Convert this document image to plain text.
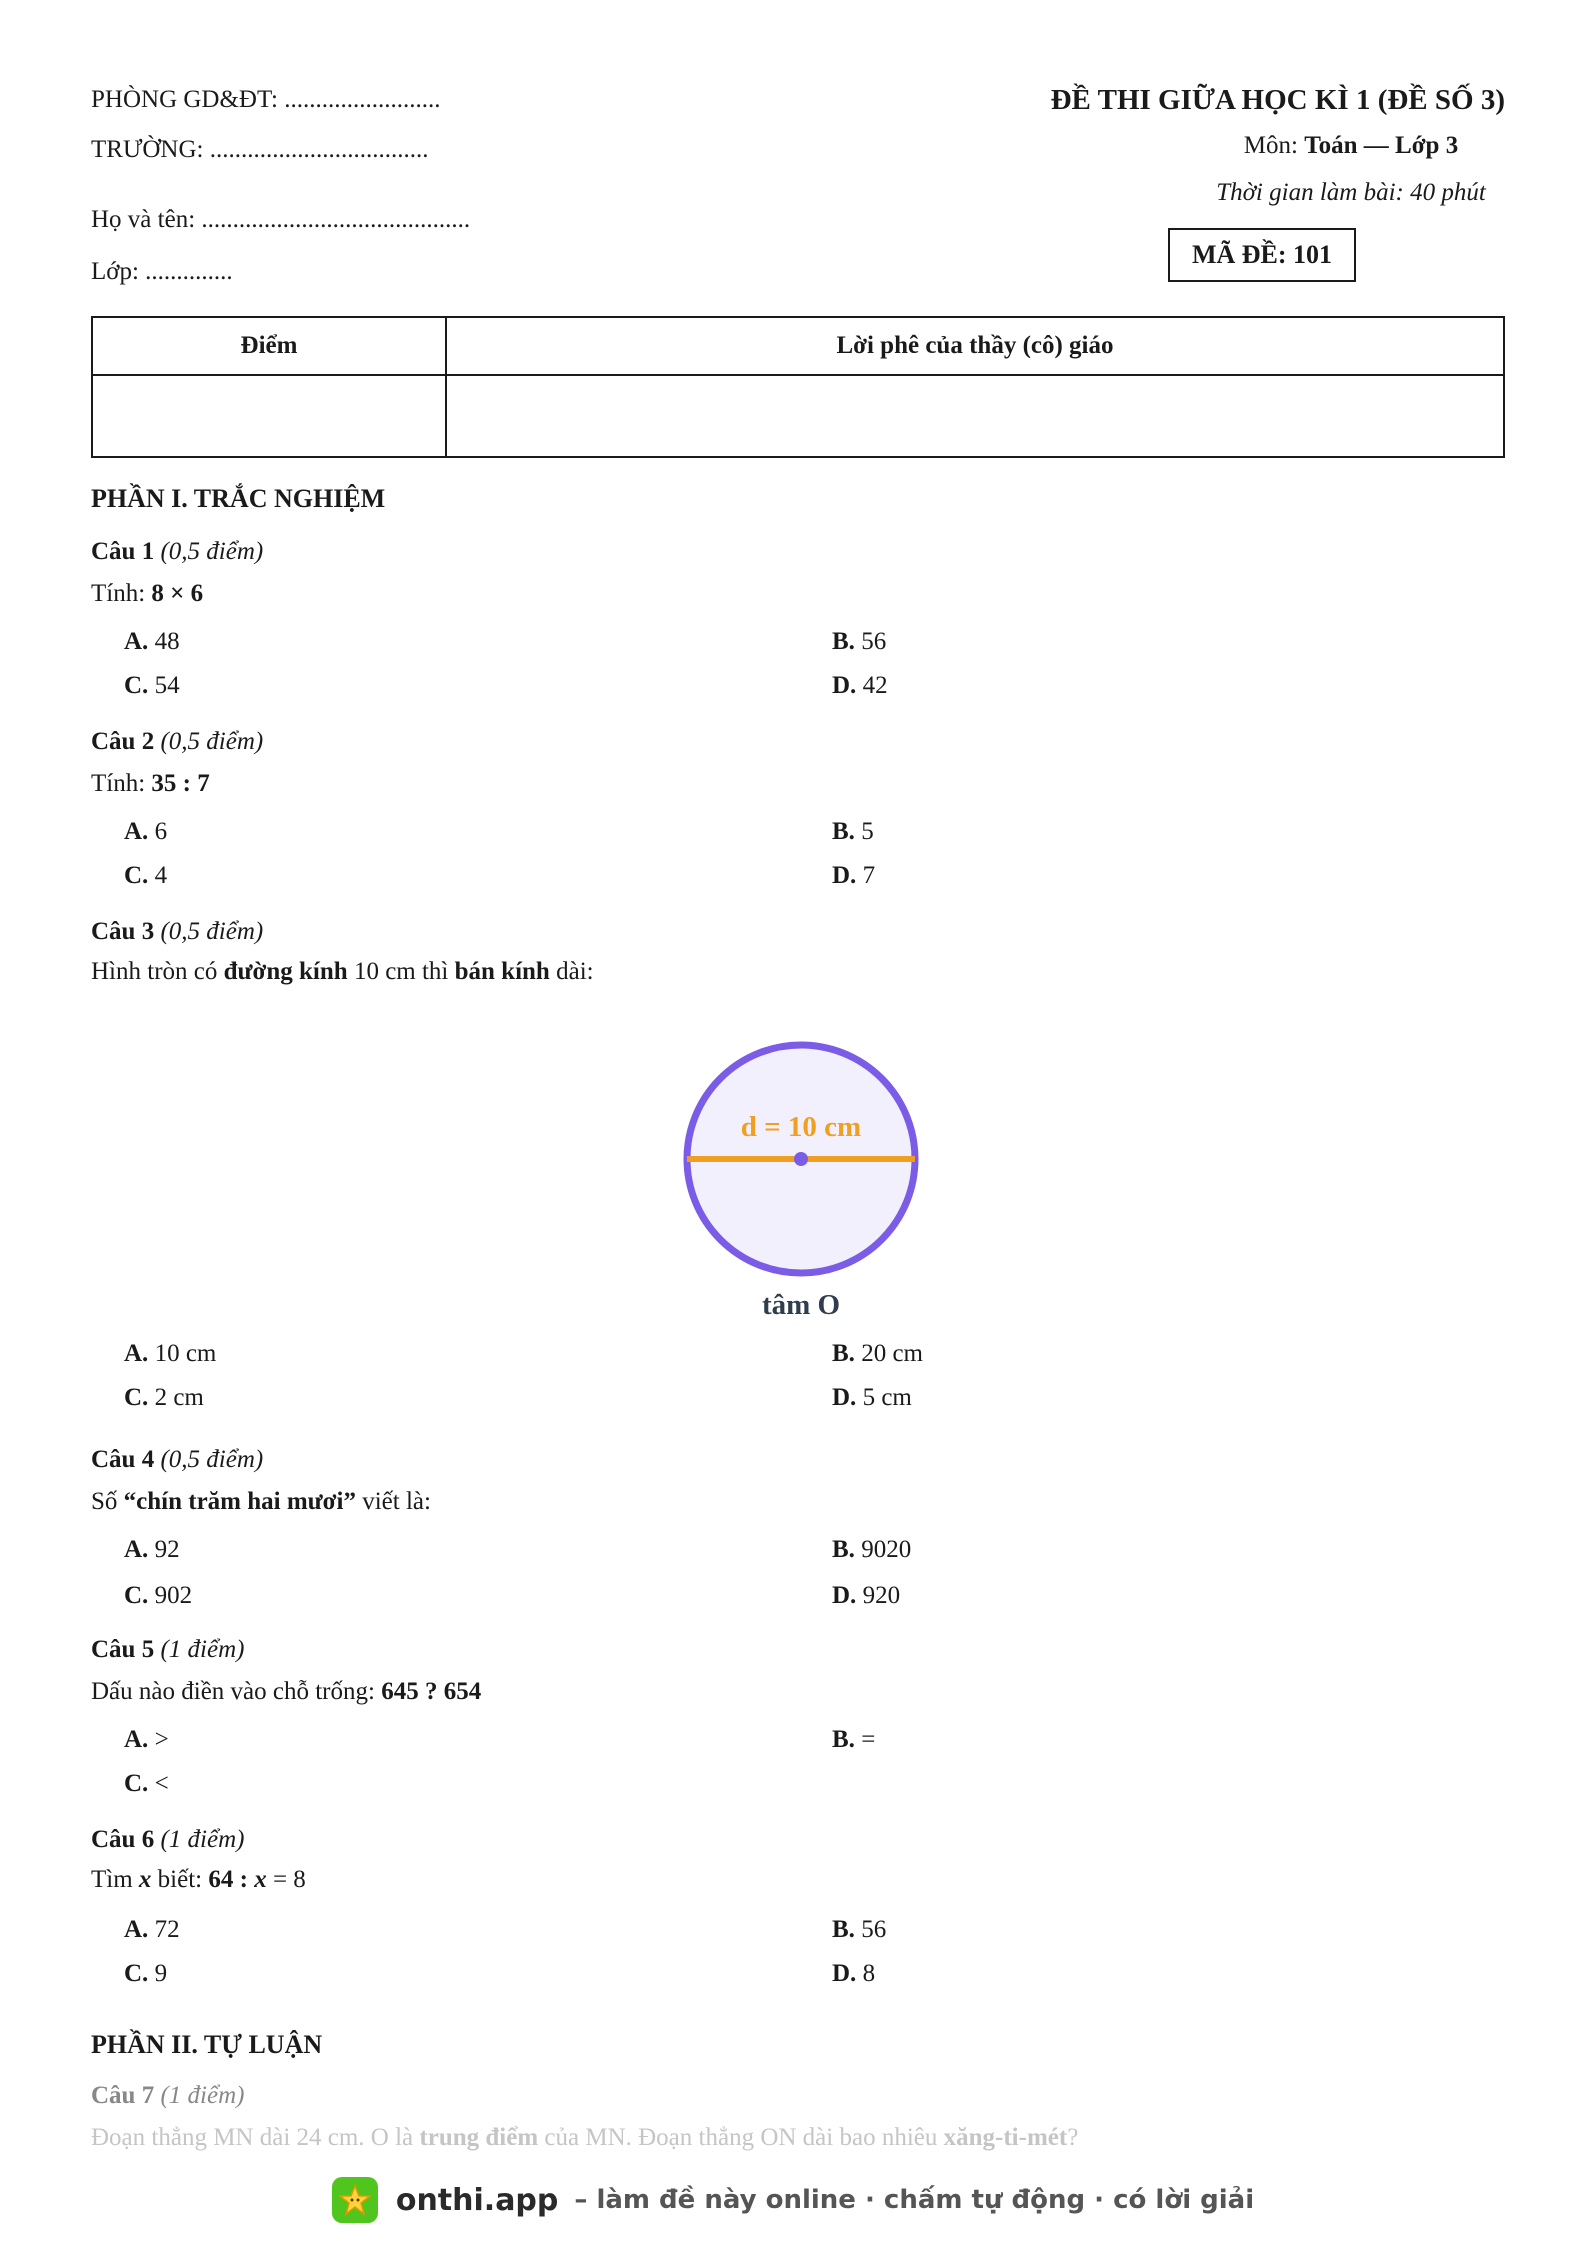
PHÒNG GD&ĐT: .........................
TRƯỜNG: ...................................
Họ và tên: ...........................................
Lớp: ..............
ĐỀ THI GIỮA HỌC KÌ 1 (ĐỀ SỐ 3)
Môn: Toán — Lớp 3
Thời gian làm bài: 40 phút
MÃ ĐỀ: 101
Điểm	Lời phê của thầy (cô) giáo

PHẦN I. TRẮC NGHIỆM
Câu 1 (0,5 điểm)
Tính: 8 × 6
A. 48	B. 56
C. 54	D. 42
Câu 2 (0,5 điểm)
Tính: 35 : 7
A. 6	B. 5
C. 4	D. 7
Câu 3 (0,5 điểm)
Hình tròn có đường kính 10 cm thì bán kính dài:
d = 10 cm
tâm O
A. 10 cm	B. 20 cm
C. 2 cm	D. 5 cm
Câu 4 (0,5 điểm)
Số “chín trăm hai mươi” viết là:
A. 92	B. 9020
C. 902	D. 920
Câu 5 (1 điểm)
Dấu nào điền vào chỗ trống: 645 ? 654
A. >	B. =
C. <
Câu 6 (1 điểm)
Tìm x biết: 64 : x = 8
A. 72	B. 56
C. 9	D. 8
PHẦN II. TỰ LUẬN
Câu 7 (1 điểm)
Đoạn thẳng MN dài 24 cm. O là trung điểm của MN. Đoạn thẳng ON dài bao nhiêu xăng-ti-mét?
onthi.app – làm đề này online · chấm tự động · có lời giải
